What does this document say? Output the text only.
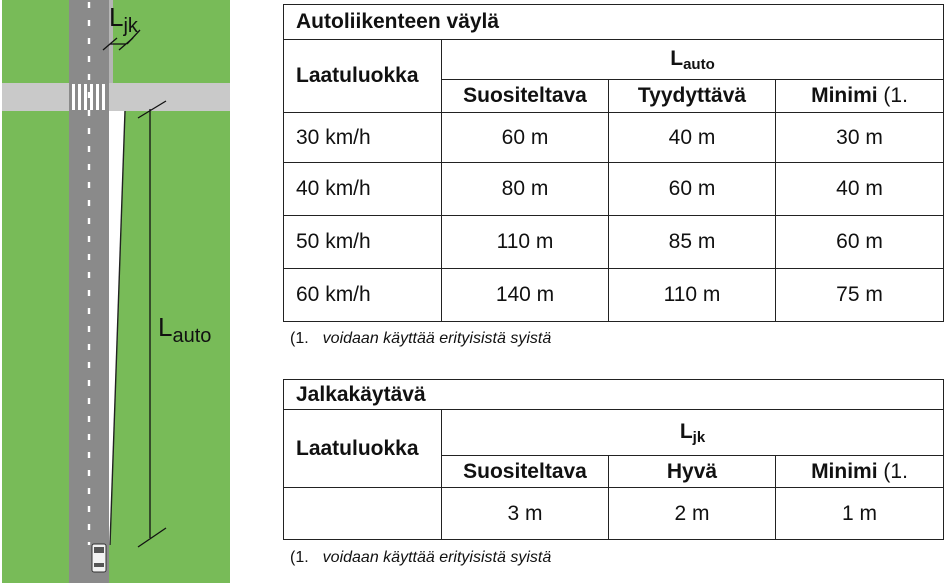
$L_{jk}$
$L_{auto}$
Autoliikenteen väylä			
Laatuluokka	$L_{auto}$
	Suositeltava	Tyydyttävä	Minimi (1.
30 km/h	60 m	40 m	30 m
40 km/h	80 m	60 m	40 m
50 km/h	110 m	85 m	60 m
60 km/h	140 m	110 m	75 m
(1. voidaan käyttää erityisistä syistä
Jalkakäytävä			
Laatuluokka	$L_{jk}$
	Suositeltava	Hyvä	Minimi (1.
	3 m	2 m	1 m
(1. voidaan käyttää erityisistä syistä
